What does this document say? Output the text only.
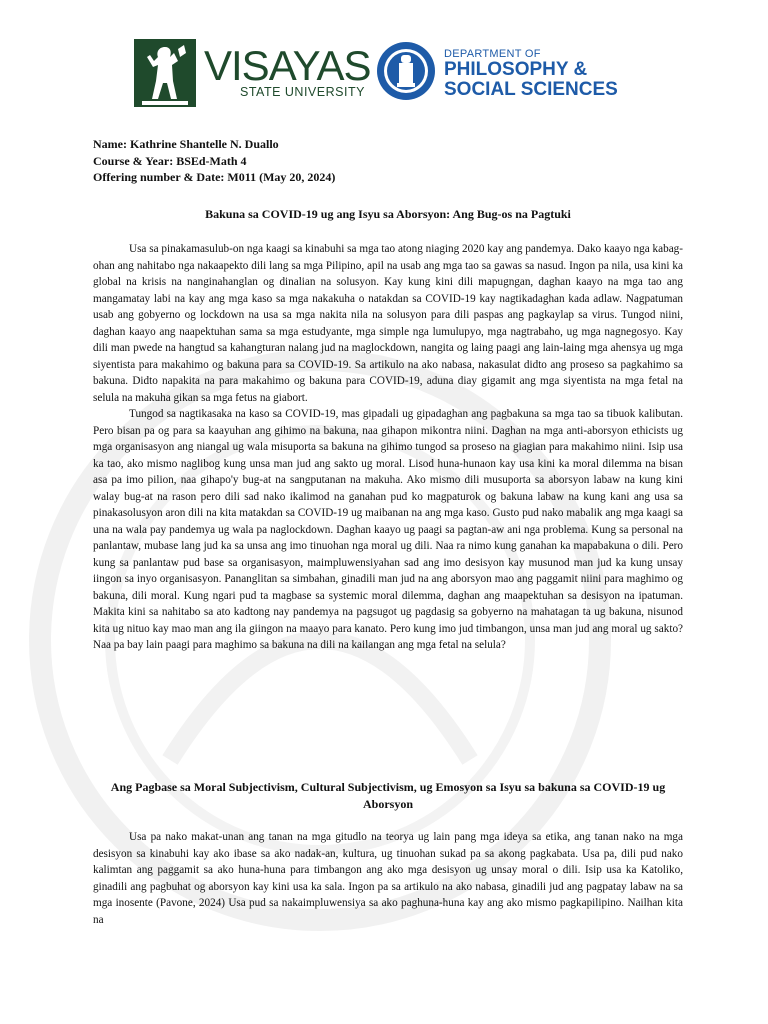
VISAYAS
STATE UNIVERSITY
DEPARTMENT OF
PHILOSOPHY &
SOCIAL SCIENCES
Name: Kathrine Shantelle N. Duallo
Course & Year: BSEd-Math 4
Offering number & Date: M011 (May 20, 2024)
Bakuna sa COVID-19 ug ang Isyu sa Aborsyon: Ang Bug-os na Pagtuki

Usa sa pinakamasulub-on nga kaagi sa kinabuhi sa mga tao atong niaging 2020 kay ang pandemya. Dako kaayo nga kabag-ohan ang nahitabo nga nakaapekto dili lang sa mga Pilipino, apil na usab ang mga tao sa gawas sa nasud. Ingon pa nila, usa kini ka global na krisis na nanginahanglan og dinalian na solusyon. Kay kung kini dili mapugngan, daghan kaayo na mga tao ang mangamatay labi na kay ang mga kaso sa mga nakakuha o natakdan sa COVID-19 kay nagtikadaghan kada adlaw. Nagpatuman usab ang gobyerno og lockdown na usa sa mga nakita nila na solusyon para dili paspas ang pagkaylap sa virus. Tungod niini, daghan kaayo ang naapektuhan sama sa mga estudyante, mga simple nga lumulupyo, mga nagtrabaho, ug mga nagnegosyo. Kay dili man pwede na hangtud sa kahangturan nalang jud na maglockdown, nangita og laing paagi ang lain-laing mga ahensya ug mga siyentista para makahimo og bakuna para sa COVID-19. Sa artikulo na ako nabasa, nakasulat didto ang proseso sa pagkahimo sa bakuna. Didto napakita na para makahimo og bakuna para COVID-19, aduna diay gigamit ang mga siyentista na mga fetal na selula na makuha gikan sa mga fetus na giabort.

Tungod sa nagtikasaka na kaso sa COVID-19, mas gipadali ug gipadaghan ang pagbakuna sa mga tao sa tibuok kalibutan. Pero bisan pa og para sa kaayuhan ang gihimo na bakuna, naa gihapon mikontra niini. Daghan na mga anti-aborsyon ethicists ug mga organisasyon ang niangal ug wala misuporta sa bakuna na gihimo tungod sa proseso na giagian para makahimo niini. Isip usa ka tao, ako mismo naglibog kung unsa man jud ang sakto ug moral. Lisod huna-hunaon kay usa kini ka moral dilemma na bisan asa pa imo pilion, naa gihapo'y bug-at na sangputanan na makuha. Ako mismo dili musuporta sa aborsyon labaw na kung kini walay bug-at na rason pero dili sad nako ikalimod na ganahan pud ko magpaturok og bakuna labaw na kung kani ang usa sa pinakasolusyon aron dili na kita matakdan sa COVID-19 ug maibanan na ang mga kaso. Gusto pud nako mabalik ang mga kaagi sa una na wala pay pandemya ug wala pa naglockdown. Daghan kaayo ug paagi sa pagtan-aw ani nga problema. Kung sa personal na panlantaw, mubase lang jud ka sa unsa ang imo tinuohan nga moral ug dili. Naa ra nimo kung ganahan ka mapabakuna o dili. Pero kung sa panlantaw pud base sa organisasyon, maimpluwensiyahan sad ang imo desisyon kay musunod man jud ka kung unsay iingon sa inyo organisasyon. Pananglitan sa simbahan, ginadili man jud na ang aborsyon mao ang paggamit niini para maghimo og bakuna, dili moral. Kung ngari pud ta magbase sa systemic moral dilemma, daghan ang maapektuhan sa desisyon na ipatuman. Makita kini sa nahitabo sa ato kadtong nay pandemya na pagsugot ug pagdasig sa gobyerno na mahatagan ta ug bakuna, nisunod kita ug nituo kay mao man ang ila giingon na maayo para kanato. Pero kung imo jud timbangon, unsa man jud ang moral ug sakto? Naa pa bay lain paagi para maghimo sa bakuna na dili na kailangan ang mga fetal na selula?

Ang Pagbase sa Moral Subjectivism, Cultural Subjectivism, ug Emosyon sa Isyu sa bakuna sa COVID-19 ug Aborsyon

Usa pa nako makat-unan ang tanan na mga gitudlo na teorya ug lain pang mga ideya sa etika, ang tanan nako na mga desisyon sa kinabuhi kay ako ibase sa ako nadak-an, kultura, ug tinuohan sukad pa sa akong pagkabata. Usa pa, dili pud nako kalimtan ang paggamit sa ako huna-huna para timbangon ang ako mga desisyon ug unsay moral o dili. Isip usa ka Katoliko, ginadili ang pagbuhat og aborsyon kay kini usa ka sala. Ingon pa sa artikulo na ako nabasa, ginadili jud ang pagpatay labaw na sa mga inosente (Pavone, 2024) Usa pud sa nakaimpluwensiya sa ako paghuna-huna kay ang ako mismo pagkapilipino. Nailhan kita na
